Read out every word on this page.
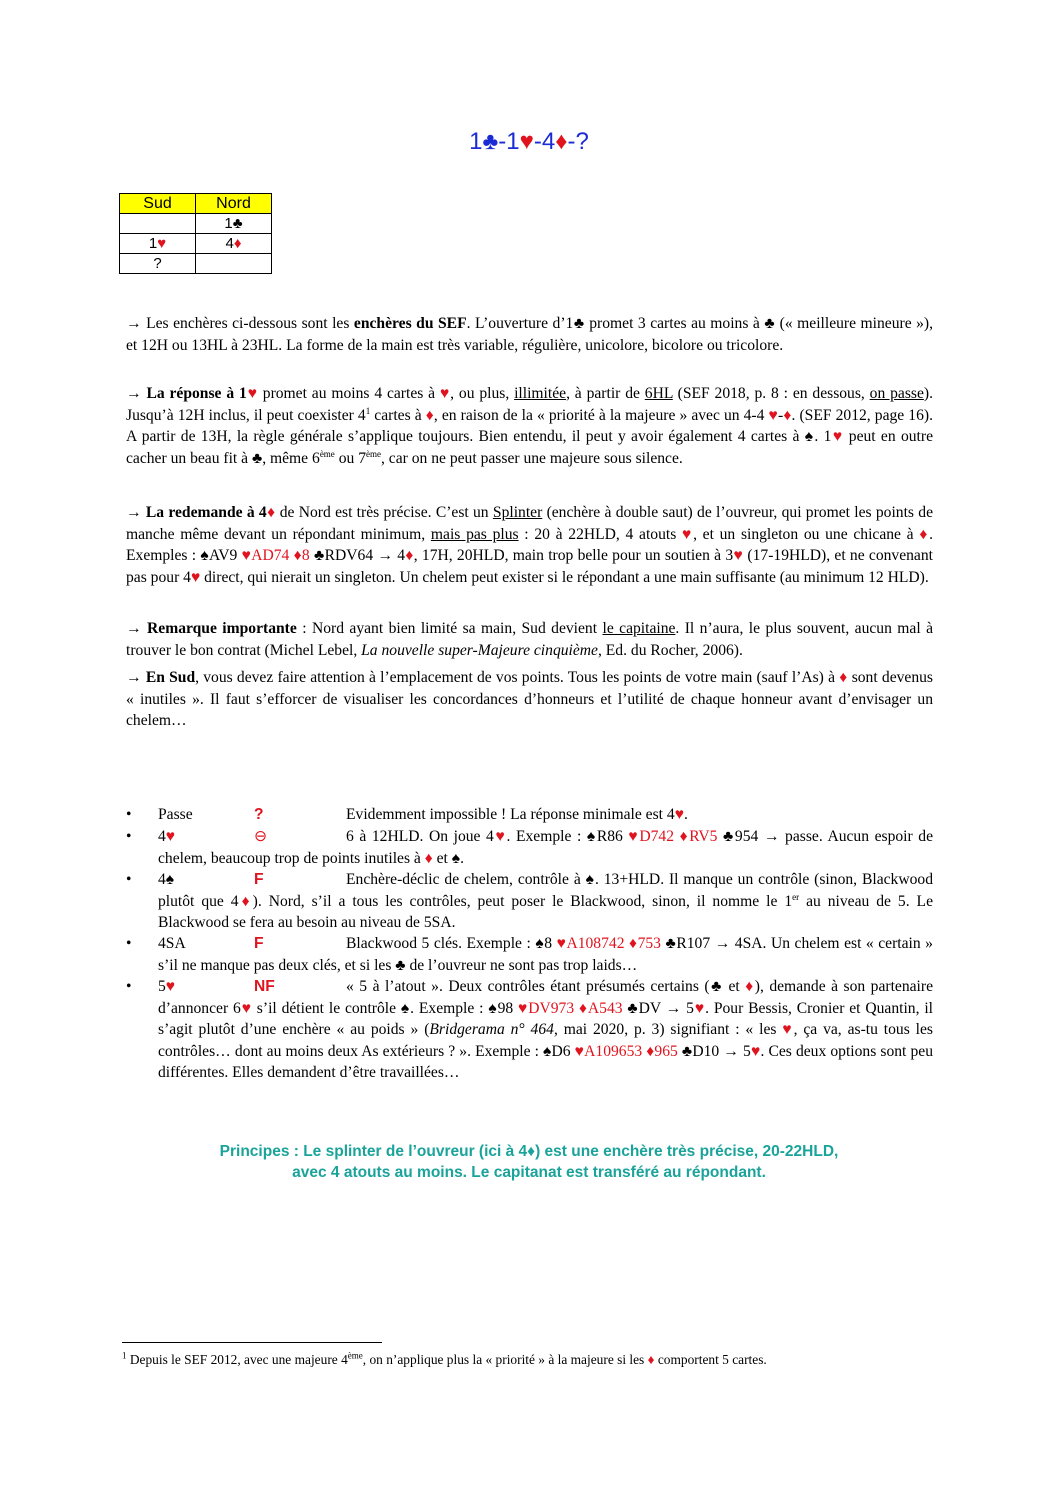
1♣-1♥-4♦-?
Sud	Nord
	1♣
1♥	4♦
?	
→ Les enchères ci-dessous sont les enchères du SEF. L’ouverture d’1♣ promet 3 cartes au moins à ♣ (« meilleure mineure »), et 12H ou 13HL à 23HL. La forme de la main est très variable, régulière, unicolore, bicolore ou tricolore.
→ La réponse à 1♥ promet au moins 4 cartes à ♥, ou plus, illimitée, à partir de 6HL (SEF 2018, p. 8 : en dessous, on passe). Jusqu’à 12H inclus, il peut coexister $4^1$ cartes à ♦, en raison de la « priorité à la majeure » avec un 4-4 ♥-♦. (SEF 2012, page 16). A partir de 13H, la règle générale s’applique toujours. Bien entendu, il peut y avoir également 4 cartes à ♠. 1♥ peut en outre cacher un beau fit à ♣, même 6ème ou 7ème, car on ne peut passer une majeure sous silence.
→ La redemande à 4♦ de Nord est très précise. C’est un Splinter (enchère à double saut) de l’ouvreur, qui promet les points de manche même devant un répondant minimum, mais pas plus : 20 à 22HLD, 4 atouts ♥, et un singleton ou une chicane à ♦. Exemples : ♠AV9 ♥AD74 ♦8 ♣RDV64 → 4♦, 17H, 20HLD, main trop belle pour un soutien à 3♥ (17-19HLD), et ne convenant pas pour 4♥ direct, qui nierait un singleton. Un chelem peut exister si le répondant a une main suffisante (au minimum 12 HLD).
→ Remarque importante : Nord ayant bien limité sa main, Sud devient le capitaine. Il n’aura, le plus souvent, aucun mal à trouver le bon contrat (Michel Lebel, La nouvelle super-Majeure cinquième, Ed. du Rocher, 2006).
→ En Sud, vous devez faire attention à l’emplacement de vos points. Tous les points de votre main (sauf l’As) à ♦ sont devenus « inutiles ». Il faut s’efforcer de visualiser les concordances d’honneurs et l’utilité de chaque honneur avant d’envisager un chelem…
•	Passe	?	Evidemment impossible ! La réponse minimale est 4♥.
•	4♥	⊖	6 à 12HLD. On joue 4♥. Exemple : ♠R86 ♥D742 ♦RV5 ♣954 → passe. Aucun espoir de chelem, beaucoup trop de points inutiles à ♦ et ♠.
•	4♠	F	Enchère-déclic de chelem, contrôle à ♠. 13+HLD. Il manque un contrôle (sinon, Blackwood plutôt que 4♦). Nord, s’il a tous les contrôles, peut poser le Blackwood, sinon, il nomme le 1er au niveau de 5. Le Blackwood se fera au besoin au niveau de 5SA.
•	4SA	F	Blackwood 5 clés. Exemple : ♠8 ♥A108742 ♦753 ♣R107 → 4SA. Un chelem est « certain » s’il ne manque pas deux clés, et si les ♣ de l’ouvreur ne sont pas trop laids…
•	5♥	NF	« 5 à l’atout ». Deux contrôles étant présumés certains (♣ et ♦), demande à son partenaire d’annoncer 6♥ s’il détient le contrôle ♠. Exemple : ♠98 ♥DV973 ♦A543 ♣DV → 5♥. Pour Bessis, Cronier et Quantin, il s’agit plutôt d’une enchère « au poids » (Bridgerama n° 464, mai 2020, p. 3) signifiant : « les ♥, ça va, as-tu tous les contrôles… dont au moins deux As extérieurs ? ». Exemple : ♠D6 ♥A109653 ♦965 ♣D10 → 5♥. Ces deux options sont peu différentes. Elles demandent d’être travaillées…
Principes : Le splinter de l’ouvreur (ici à 4♦) est une enchère très précise, 20-22HLD,
avec 4 atouts au moins. Le capitanat est transféré au répondant.
$^1$ Depuis le SEF 2012, avec une majeure 4ème, on n’applique plus la « priorité » à la majeure si les ♦ comportent 5 cartes.
